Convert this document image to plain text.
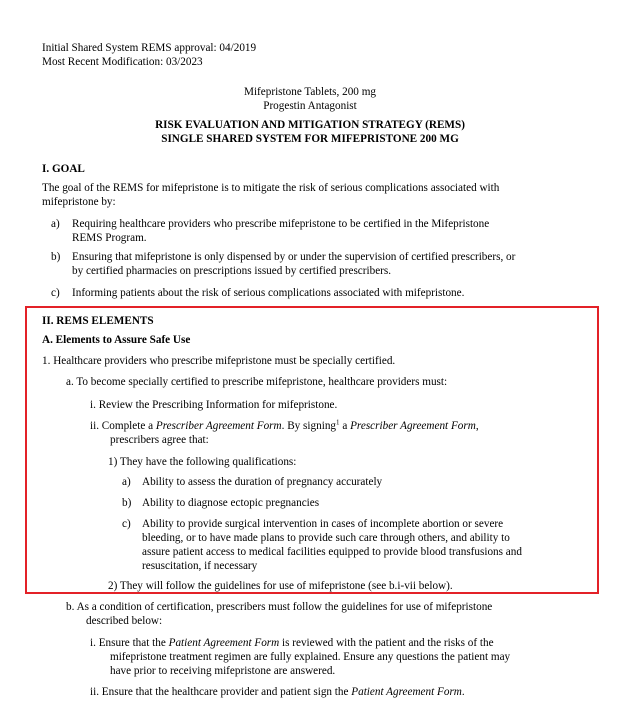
Initial Shared System REMS approval: 04/2019
Most Recent Modification: 03/2023
Mifepristone Tablets, 200 mg
Progestin Antagonist
RISK EVALUATION AND MITIGATION STRATEGY (REMS)
SINGLE SHARED SYSTEM FOR MIFEPRISTONE 200 MG
I. GOAL
The goal of the REMS for mifepristone is to mitigate the risk of serious complications associated with
mifepristone by:
a) Requiring healthcare providers who prescribe mifepristone to be certified in the Mifepristone
REMS Program.
b) Ensuring that mifepristone is only dispensed by or under the supervision of certified prescribers, or
by certified pharmacies on prescriptions issued by certified prescribers.
c) Informing patients about the risk of serious complications associated with mifepristone.
II. REMS ELEMENTS
A. Elements to Assure Safe Use
1. Healthcare providers who prescribe mifepristone must be specially certified.
a. To become specially certified to prescribe mifepristone, healthcare providers must:
i. Review the Prescribing Information for mifepristone.
ii. Complete a Prescriber Agreement Form. By signing$^1$ a Prescriber Agreement Form,
prescribers agree that:
1) They have the following qualifications:
a) Ability to assess the duration of pregnancy accurately
b) Ability to diagnose ectopic pregnancies
c) Ability to provide surgical intervention in cases of incomplete abortion or severe
bleeding, or to have made plans to provide such care through others, and ability to
assure patient access to medical facilities equipped to provide blood transfusions and
resuscitation, if necessary
2) They will follow the guidelines for use of mifepristone (see b.i-vii below).
b. As a condition of certification, prescribers must follow the guidelines for use of mifepristone
described below:
i. Ensure that the Patient Agreement Form is reviewed with the patient and the risks of the
mifepristone treatment regimen are fully explained. Ensure any questions the patient may
have prior to receiving mifepristone are answered.
ii. Ensure that the healthcare provider and patient sign the Patient Agreement Form.
